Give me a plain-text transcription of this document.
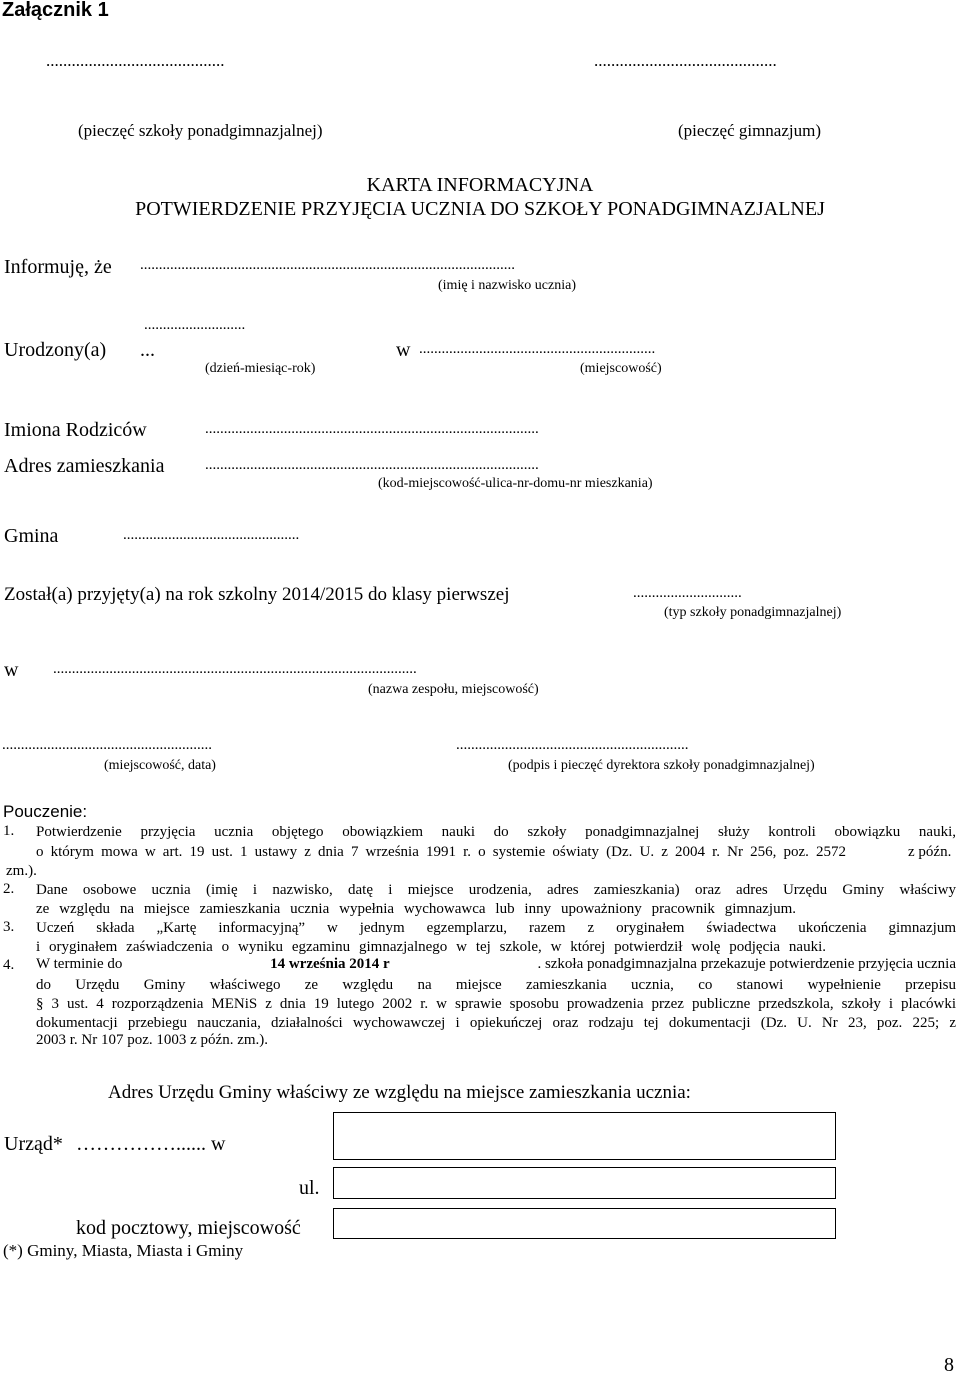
Załącznik 1
..........................................	...........................................
(pieczęć szkoły ponadgimnazjalnej)	(pieczęć gimnazjum)
KARTA INFORMACYJNA
POTWIERDZENIE PRZYJĘCIA UCZNIA DO SZKOŁY PONADGIMNAZJALNEJ
Informuję, że ....................................................................................................
(imię i nazwisko ucznia)
...........................
Urodzony(a) ...	w ...............................................................
(dzień-miesiąc-rok)	(miejscowość)
Imiona Rodziców	.........................................................................................
Adres zamieszkania	.........................................................................................
(kod-miejscowość-ulica-nr-domu-nr mieszkania)
Gmina	...............................................
Został(a) przyjęty(a) na rok szkolny 2014/2015 do klasy pierwszej	.............................
(typ szkoły ponadgimnazjalnej)
w .................................................................................................
(nazwa zespołu, miejscowość)
........................................................	..............................................................
(miejscowość, data)	(podpis i pieczęć dyrektora szkoły ponadgimnazjalnej)
Pouczenie:
1. Potwierdzenie przyjęcia ucznia objętego obowiązkiem nauki do szkoły ponadgimnazjalnej służy kontroli obowiązku nauki,
o którym mowa w art. 19 ust. 1 ustawy z dnia 7 września 1991 r. o systemie oświaty (Dz. U. z 2004 r. Nr 256, poz. 2572	z późn.
zm.).
2. Dane osobowe ucznia (imię i nazwisko, datę i miejsce urodzenia, adres zamieszkania) oraz adres Urzędu Gminy właściwy
ze względu na miejsce zamieszkania ucznia wypełnia wychowawca lub inny upoważniony pracownik gimnazjum.
3. Uczeń składa „Kartę informacyjną” w jednym egzemplarzu, razem z oryginałem świadectwa ukończenia gimnazjum
i oryginałem zaświadczenia o wyniku egzaminu gimnazjalnego w tej szkole, w której potwierdził wolę podjęcia nauki.
4. W terminie do	14 września 2014 r	. szkoła ponadgimnazjalna przekazuje potwierdzenie przyjęcia ucznia
do Urzędu Gminy właściwego ze względu na miejsce zamieszkania ucznia, co stanowi wypełnienie przepisu
§ 3 ust. 4 rozporządzenia MENiS z dnia 19 lutego 2002 r. w sprawie sposobu prowadzenia przez publiczne przedszkola, szkoły i placówki
dokumentacji przebiegu nauczania, działalności wychowawczej i opiekuńczej oraz rodzaju tej dokumentacji (Dz. U. Nr 23, poz. 225; z
2003 r. Nr 107 poz. 1003 z późn. zm.).
Adres Urzędu Gminy właściwy ze względu na miejsce zamieszkania ucznia:
Urząd* ……………...... w
ul.
kod pocztowy, miejscowość
(*) Gminy, Miasta, Miasta i Gminy
8
